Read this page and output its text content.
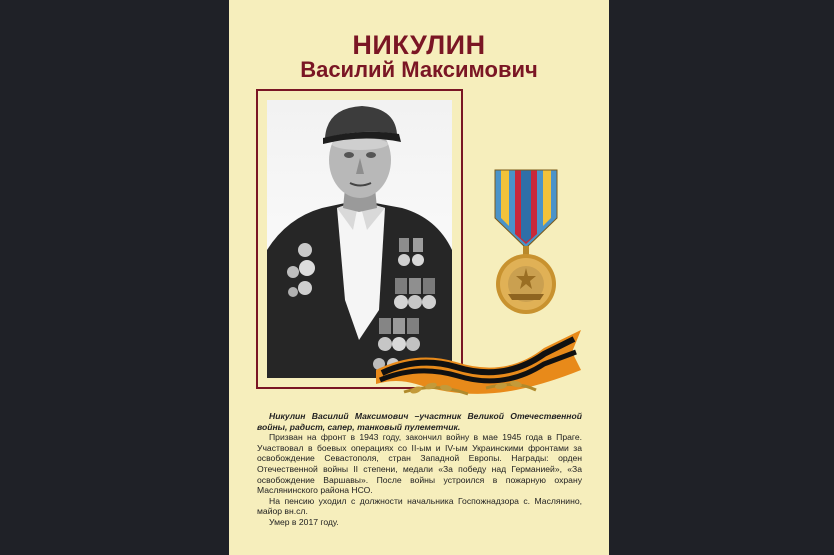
НИКУЛИН
Василий Максимович

Никулин Василий Максимович –участник Великой Отечественной войны, радист, сапер, танковый пулеметчик.

Призван на фронт в 1943 году, закончил войну в мае 1945 года в Праге. Участвовал в боевых операциях со II-ым и IV-ым Украинскими фронтами за освобождение Севастополя, стран Западной Европы. Награды: орден Отечественной войны II степени, медали «За победу над Германией», «За освобождение Варшавы». После войны устроился в пожарную охрану Маслянинского района НСО.

На пенсию уходил с должности начальника Госпожнадзора с. Маслянино, майор вн.сл.

Умер в 2017 году.
